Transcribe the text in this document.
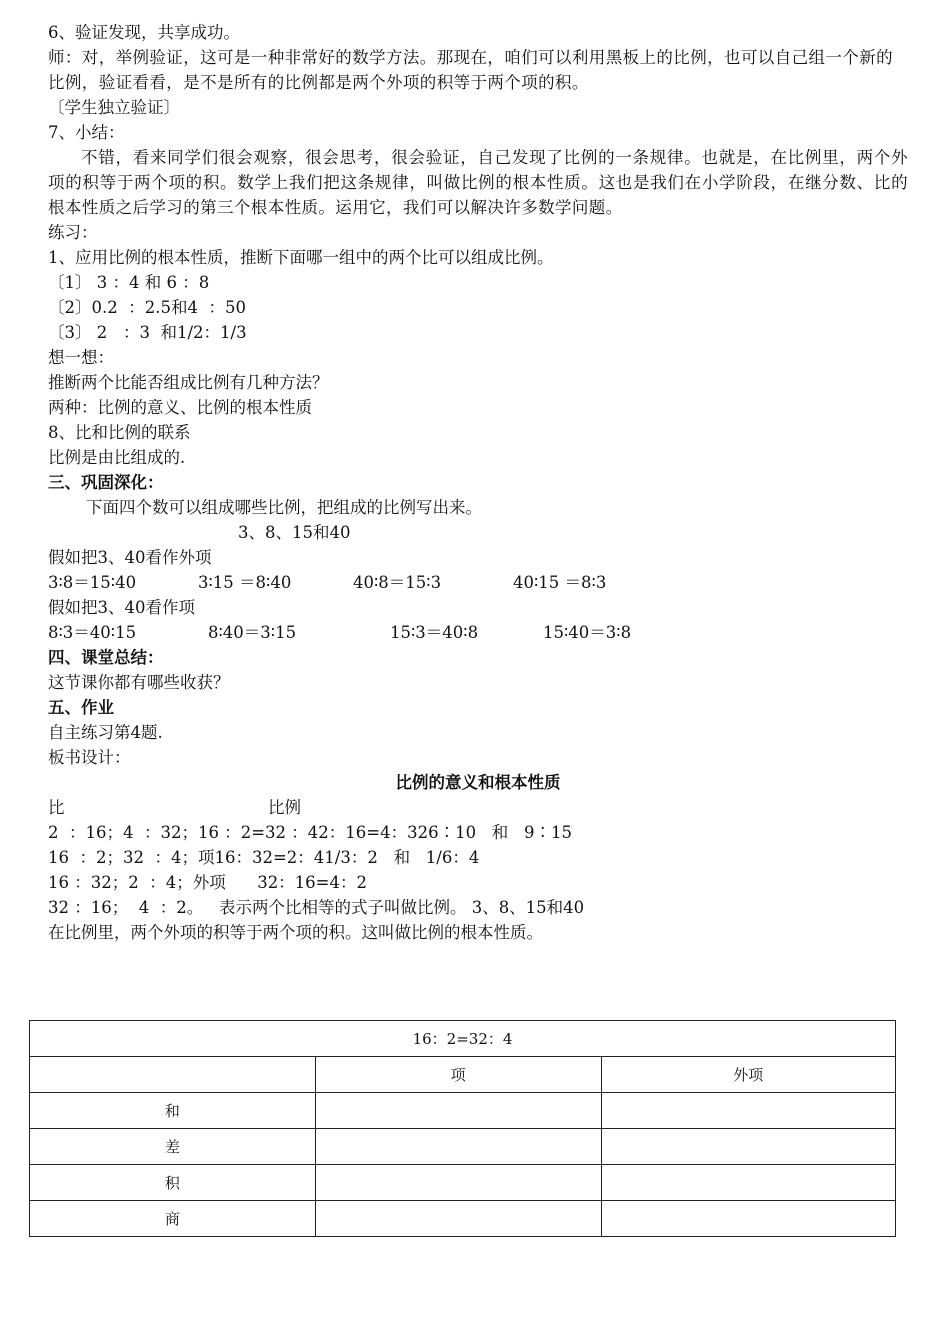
6、验证发现，共享成功。
师：对，举例验证，这可是一种非常好的数学方法。那现在，咱们可以利用黑板上的比例，也可以自己组一个新的比例，验证看看，是不是所有的比例都是两个外项的积等于两个项的积。
〔学生独立验证〕
7、小结：
不错，看来同学们很会观察，很会思考，很会验证，自己发现了比例的一条规律。也就是，在比例里，两个外项的积等于两个项的积。数学上我们把这条规律，叫做比例的根本性质。这也是我们在小学阶段，在继分数、比的根本性质之后学习的第三个根本性质。运用它，我们可以解决许多数学问题。
练习：
1、应用比例的根本性质，推断下面哪一组中的两个比可以组成比例。
〔1〕 3 ：4 和 6 ：8
〔2〕0.2  ：2.5和4  ：50
〔3〕 2   ：3  和1/2：1/3
想一想：
推断两个比能否组成比例有几种方法？
两种：比例的意义、比例的根本性质
8、比和比例的联系
比例是由比组成的.
三、巩固深化：
下面四个数可以组成哪些比例，把组成的比例写出来。
3、8、15和40
假如把3、40看作外项
3∶8＝15∶40	3∶15 ＝8∶40	40∶8＝15∶3	40∶15 ＝8∶3
假如把3、40看作项
8∶3＝40∶15	8∶40＝3∶15	15∶3＝40∶8	15∶40＝3∶8
四、课堂总结：
这节课你都有哪些收获？
五、作业
自主练习第4题.
板书设计：
比例的意义和根本性质
比	比例
2  ：16；4  ：32；16 ：2=32 ：42：16=4：326∶10   和   9∶15
16  ：2；32  ：4；项16：32=2：41/3：2   和   1/6：4
16 ：32；2  ：4；外项      32：16=4：2
32 ：16；  4  ：2。   表示两个比相等的式子叫做比例。 3、8、15和40
在比例里，两个外项的积等于两个项的积。这叫做比例的根本性质。
16：2=32：4		
	项	外项
和		
差		
积		
商		
